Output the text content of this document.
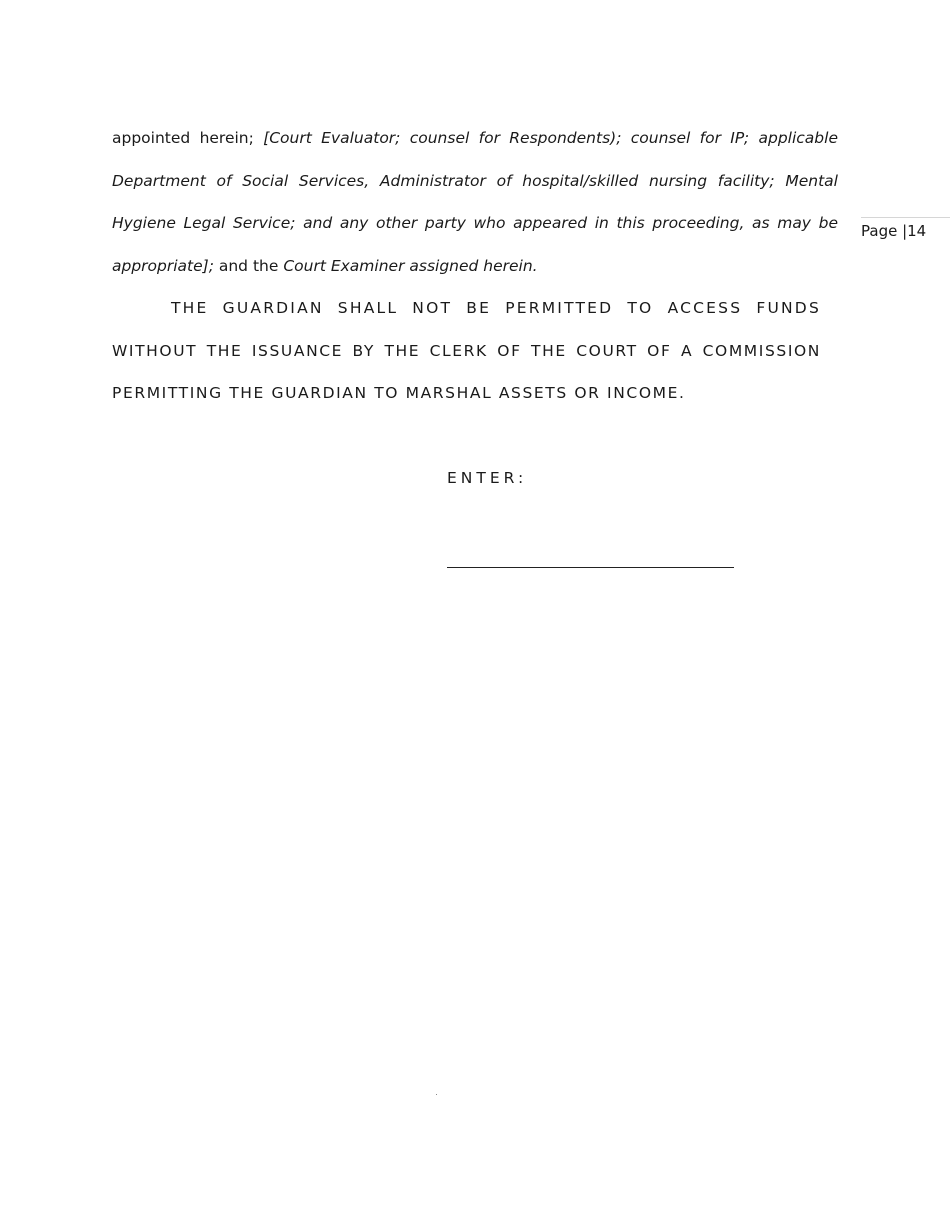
Page |14
appointed herein; [Court Evaluator; counsel for Respondents); counsel for IP; applicable
Department of Social Services, Administrator of hospital/skilled nursing facility; Mental
Hygiene Legal Service; and any other party who appeared in this proceeding, as may be
appropriate]; and the Court Examiner assigned herein.
THE GUARDIAN SHALL NOT BE PERMITTED TO ACCESS FUNDS
WITHOUT THE ISSUANCE BY THE CLERK OF THE COURT OF A COMMISSION
PERMITTING THE GUARDIAN TO MARSHAL ASSETS OR INCOME.
ENTER:
